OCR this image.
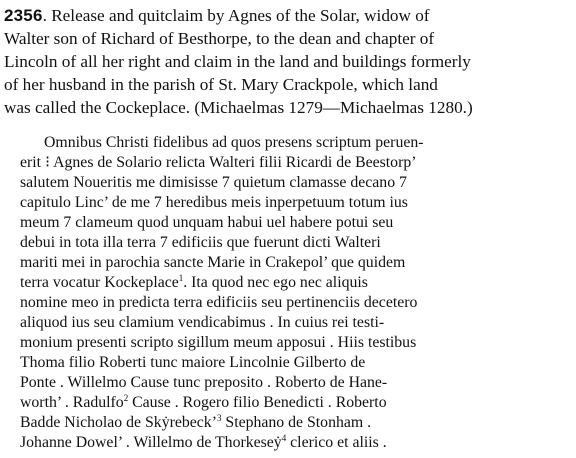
2356. Release and quitclaim by Agnes of the Solar, widow of
Walter son of Richard of Besthorpe, to the dean and chapter of
Lincoln of all her right and claim in the land and buildings formerly
of her husband in the parish of St. Mary Crackpole, which land
was called the Cockeplace. (Michaelmas 1279—Michaelmas 1280.)
Omnibus Christi fidelibus ad quos presens scriptum peruen-
erit ⁝ Agnes de Solario relicta Walteri filii Ricardi de Beestorp’
salutem Noueritis me dimisisse 7 quietum clamasse decano 7
capitulo Linc’ de me 7 heredibus meis inperpetuum totum ius
meum 7 clameum quod unquam habui uel habere potui seu
debui in tota illa terra 7 edificiis que fuerunt dicti Walteri
mariti mei in parochia sancte Marie in Crakepol’ que quidem
terra vocatur Kockeplace$^1$. Ita quod nec ego nec aliquis
nomine meo in predicta terra edificiis seu pertinenciis decetero
aliquod ius seu clamium vendicabimus . In cuius rei testi-
monium presenti scripto sigillum meum apposui . Hiis testibus
Thoma filio Roberti tunc maiore Lincolnie Gilberto de
Ponte . Willelmo Cause tunc preposito . Roberto de Hane-
worth’ . Radulfo$^2$ Cause . Rogero filio Benedicti . Roberto
Badde Nicholao de Skẏrebeck’$^3$ Stephano de Stonham .
Johanne Dowel’ . Willelmo de Thorkeseẏ$^4$ clerico et aliis .
